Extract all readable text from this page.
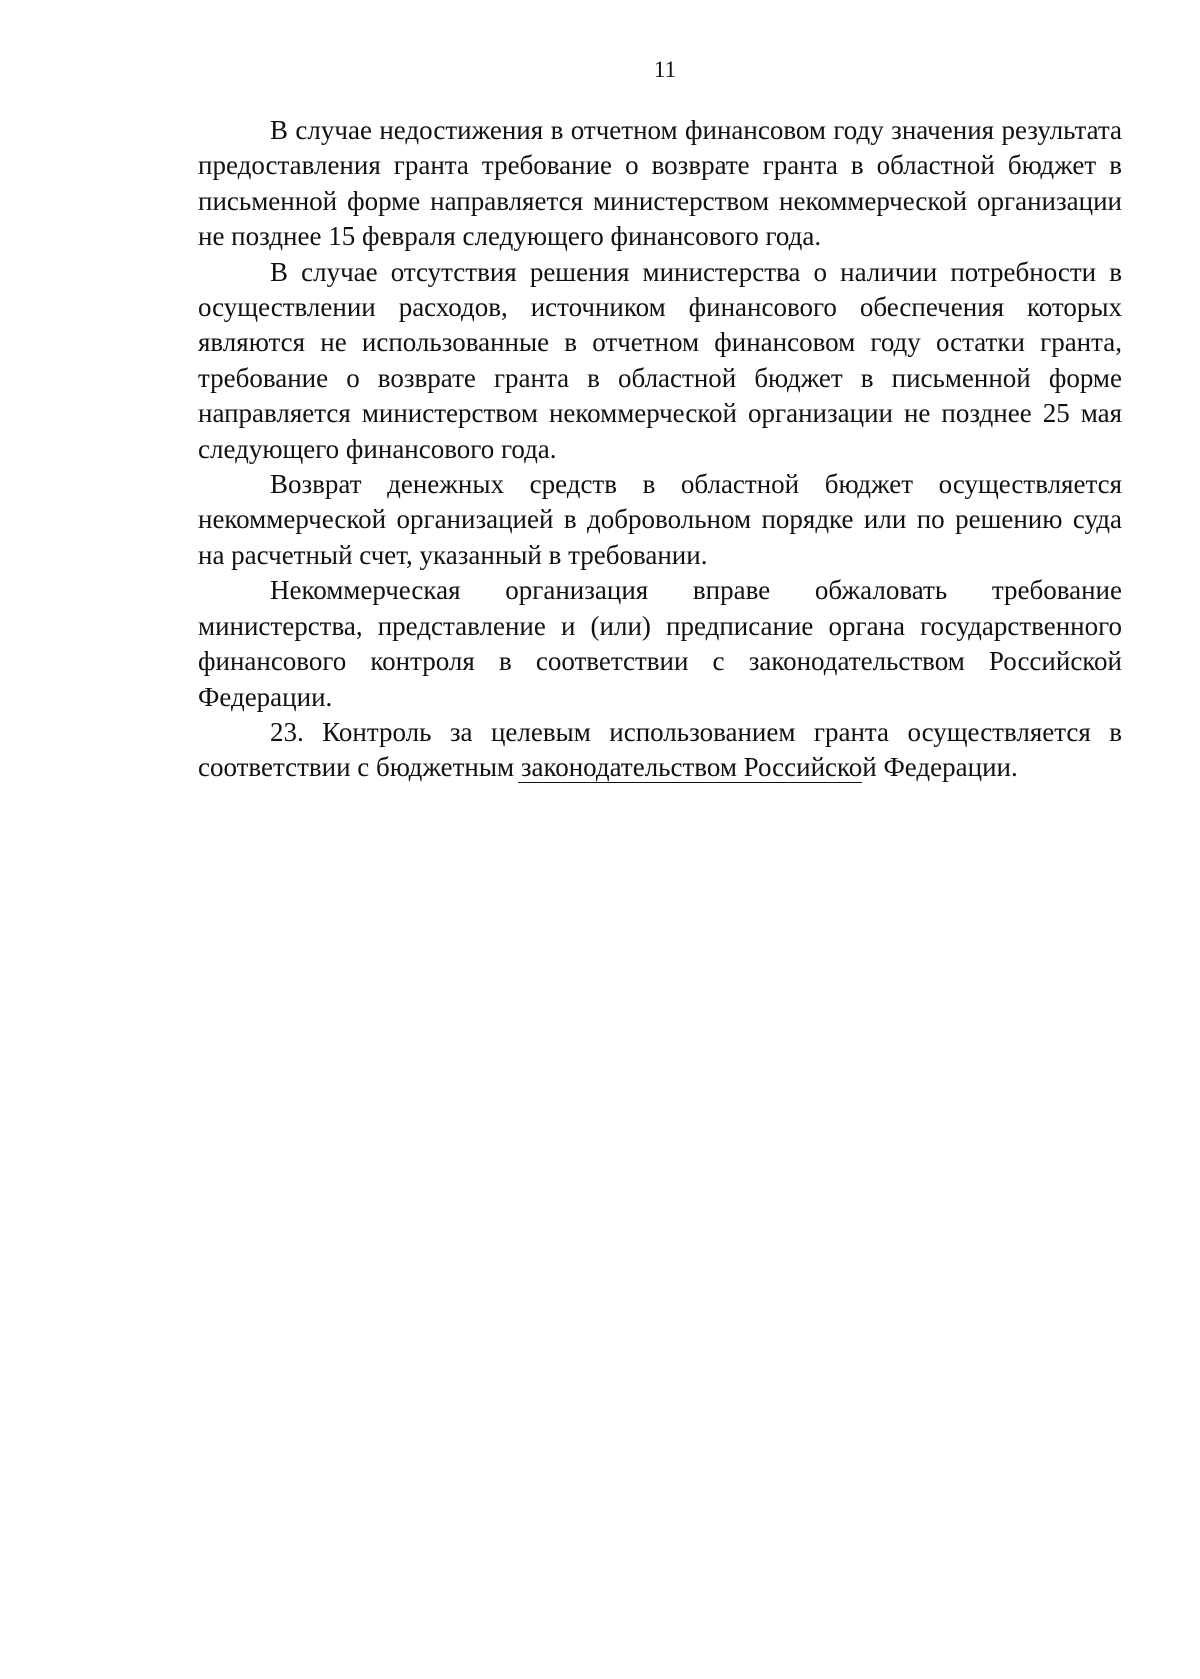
11

В случае недостижения в отчетном финансовом году значения результата предоставления гранта требование о возврате гранта в областной бюджет в письменной форме направляется министерством некоммерческой организации не позднее 15 февраля следующего финансового года.

В случае отсутствия решения министерства о наличии потребности в осуществлении расходов, источником финансового обеспечения которых являются не использованные в отчетном финансовом году остатки гранта, требование о возврате гранта в областной бюджет в письменной форме направляется министерством некоммерческой организации не позднее 25 мая следующего финансового года.

Возврат денежных средств в областной бюджет осуществляется некоммерческой организацией в добровольном порядке или по решению суда на расчетный счет, указанный в требовании.

Некоммерческая организация вправе обжаловать требование министерства, представление и (или) предписание органа государственного финансового контроля в соответствии с законодательством Российской Федерации.

23. Контроль за целевым использованием гранта осуществляется в соответствии с бюджетным законодательством Российской Федерации.
